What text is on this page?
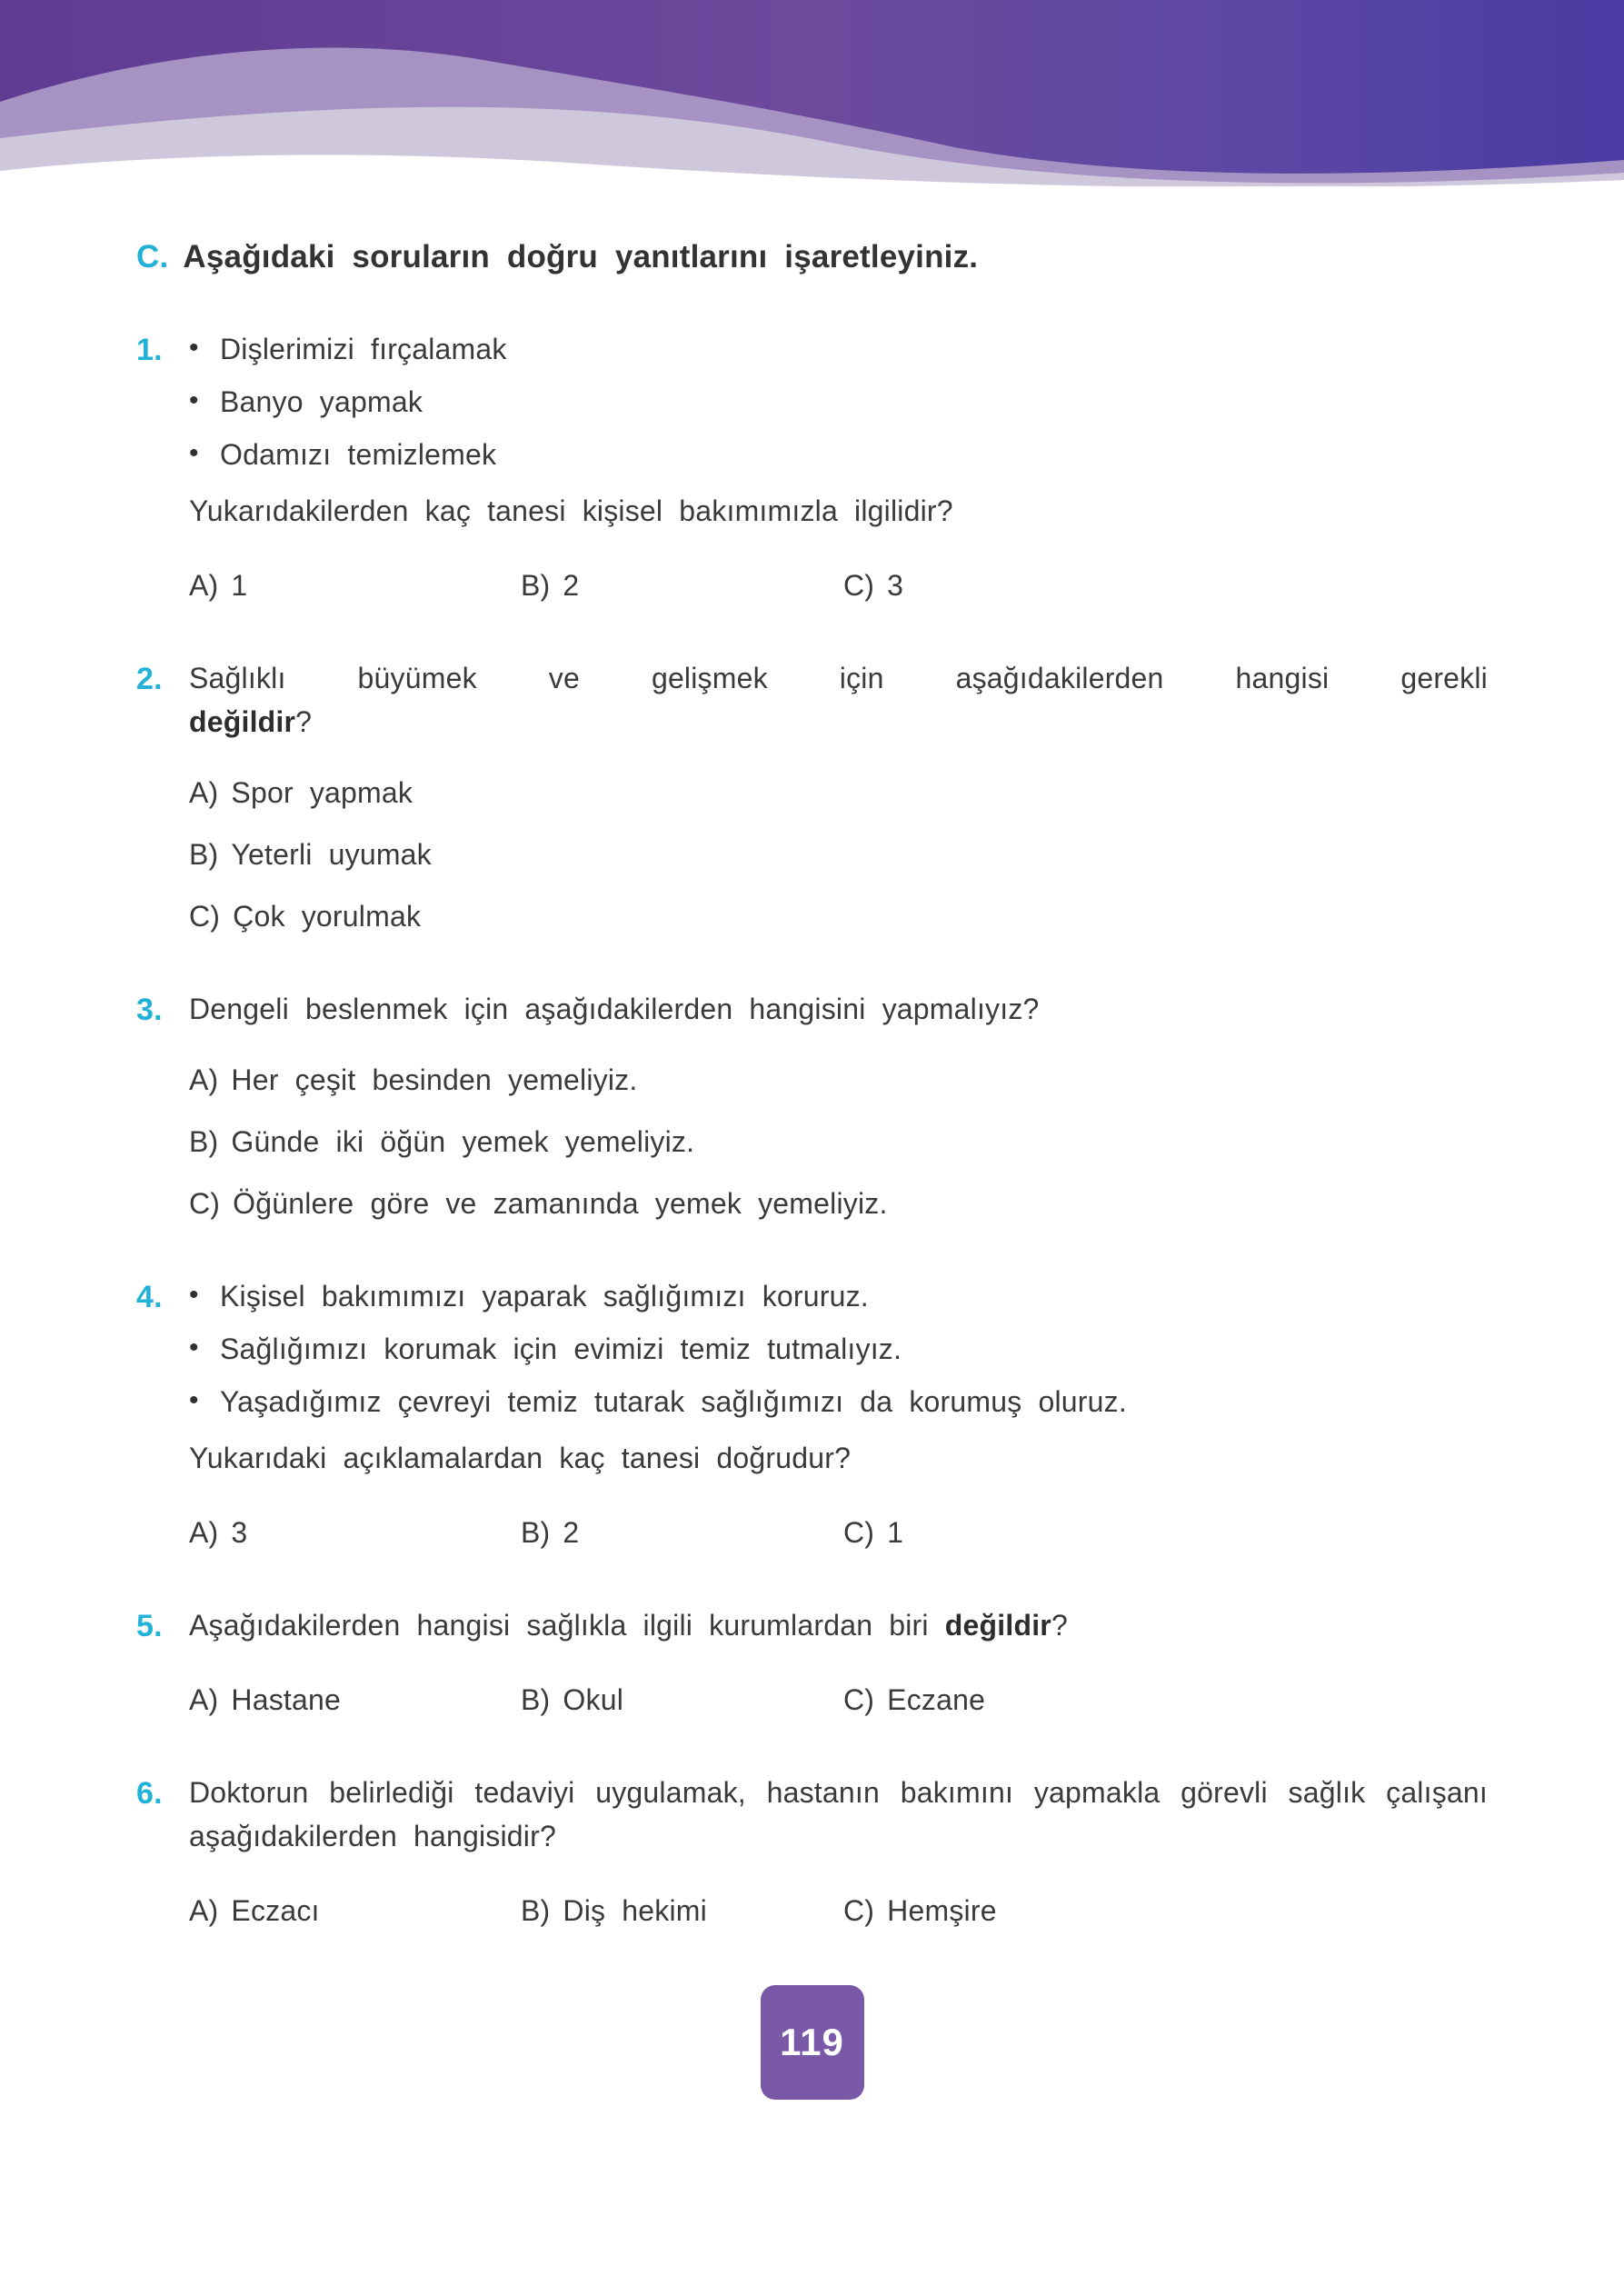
C. Aşağıdaki soruların doğru yanıtlarını işaretleyiniz.
1. • Dişlerimizi fırçalamak
• Banyo yapmak
• Odamızı temizlemek
Yukarıdakilerden kaç tanesi kişisel bakımımızla ilgilidir?
A) 1	B) 2	C) 3
2. Sağlıklı büyümek ve gelişmek için aşağıdakilerden hangisi gerekli
değildir?
A) Spor yapmak
B) Yeterli uyumak
C) Çok yorulmak
3. Dengeli beslenmek için aşağıdakilerden hangisini yapmalıyız?
A) Her çeşit besinden yemeliyiz.
B) Günde iki öğün yemek yemeliyiz.
C) Öğünlere göre ve zamanında yemek yemeliyiz.
4. • Kişisel bakımımızı yaparak sağlığımızı koruruz.
• Sağlığımızı korumak için evimizi temiz tutmalıyız.
• Yaşadığımız çevreyi temiz tutarak sağlığımızı da korumuş oluruz.
Yukarıdaki açıklamalardan kaç tanesi doğrudur?
A) 3	B) 2	C) 1
5. Aşağıdakilerden hangisi sağlıkla ilgili kurumlardan biri değildir?
A) Hastane	B) Okul	C) Eczane
6. Doktorun belirlediği tedaviyi uygulamak, hastanın bakımını yapmakla görevli sağlık çalışanı aşağıdakilerden hangisidir?
A) Eczacı	B) Diş hekimi	C) Hemşire
119
